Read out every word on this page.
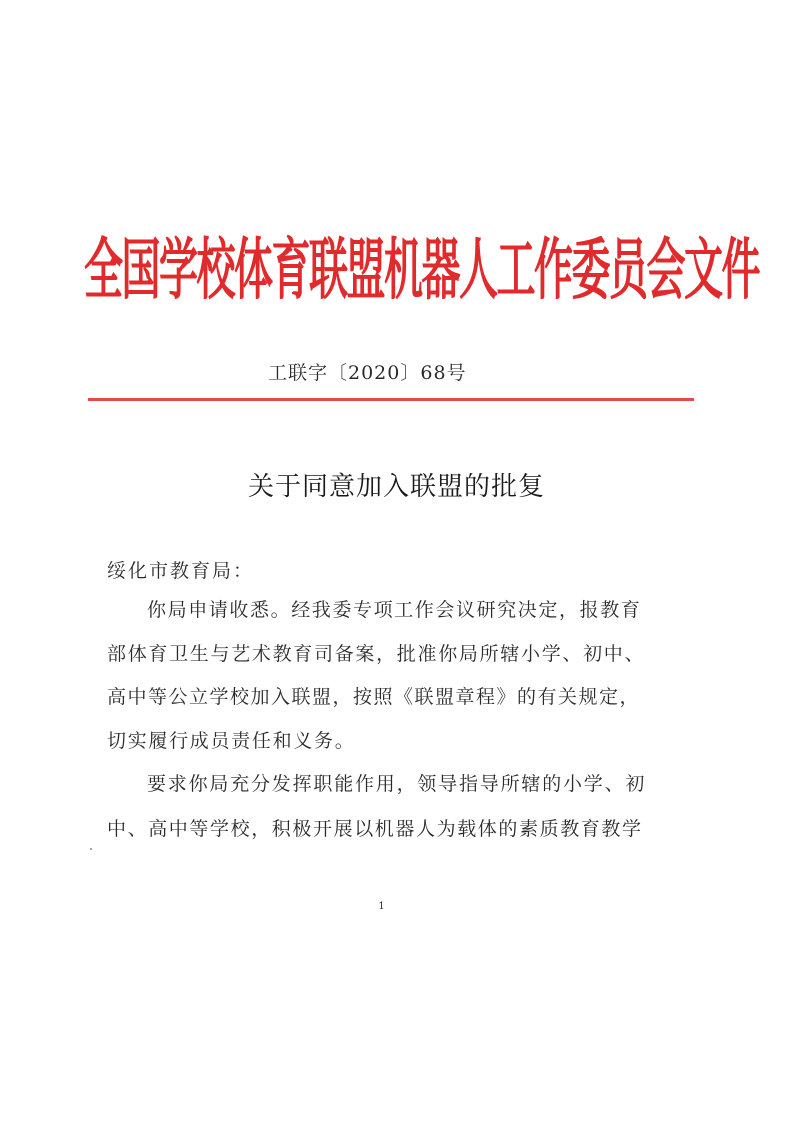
全国学校体育联盟机器人工作委员会文件
工联字〔2020〕68号
关于同意加入联盟的批复
绥化市教育局：
你局申请收悉。经我委专项工作会议研究决定，报教育
部体育卫生与艺术教育司备案，批准你局所辖小学、初中、
高中等公立学校加入联盟，按照《联盟章程》的有关规定，
切实履行成员责任和义务。
要求你局充分发挥职能作用，领导指导所辖的小学、初
中、高中等学校，积极开展以机器人为载体的素质教育教学
1
